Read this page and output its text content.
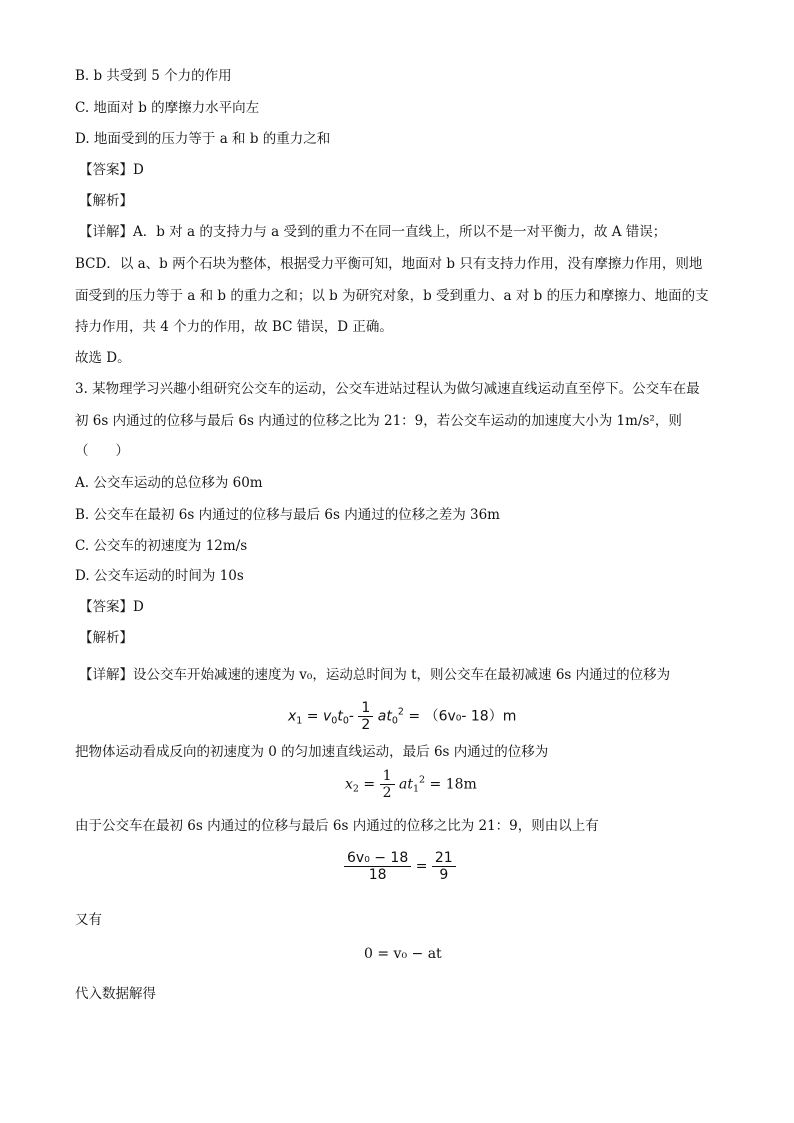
B. b 共受到 5 个力的作用
C. 地面对 b 的摩擦力水平向左
D. 地面受到的压力等于 a 和 b 的重力之和
【答案】D
【解析】
【详解】A．b 对 a 的支持力与 a 受到的重力不在同一直线上，所以不是一对平衡力，故 A 错误；
BCD．以 a、b 两个石块为整体，根据受力平衡可知，地面对 b 只有支持力作用，没有摩擦力作用，则地
面受到的压力等于 a 和 b 的重力之和；以 b 为研究对象，b 受到重力、a 对 b 的压力和摩擦力、地面的支
持力作用，共 4 个力的作用，故 BC 错误，D 正确。
故选 D。
3. 某物理学习兴趣小组研究公交车的运动，公交车进站过程认为做匀减速直线运动直至停下。公交车在最
初 6s 内通过的位移与最后 6s 内通过的位移之比为 21：9，若公交车运动的加速度大小为 1m/s²，则
（　　）
A. 公交车运动的总位移为 60m
B. 公交车在最初 6s 内通过的位移与最后 6s 内通过的位移之差为 36m
C. 公交车的初速度为 12m/s
D. 公交车运动的时间为 10s
【答案】D
【解析】
【详解】设公交车开始减速的速度为 v₀，运动总时间为 t，则公交车在最初减速 6s 内通过的位移为
$x_1 = v_0t_0- \frac{1}{2} at_0^2 = (6v_0-$ 18）m
把物体运动看成反向的初速度为 0 的匀加速直线运动，最后 6s 内通过的位移为
$x_2 = \frac{1}{2} at_1^2 = 18m$
由于公交车在最初 6s 内通过的位移与最后 6s 内通过的位移之比为 21：9，则由以上有
$\frac{\text{6v₀ − 18}}{18} = \frac{21}{9}$
又有
0 = v₀ − at
代入数据解得
